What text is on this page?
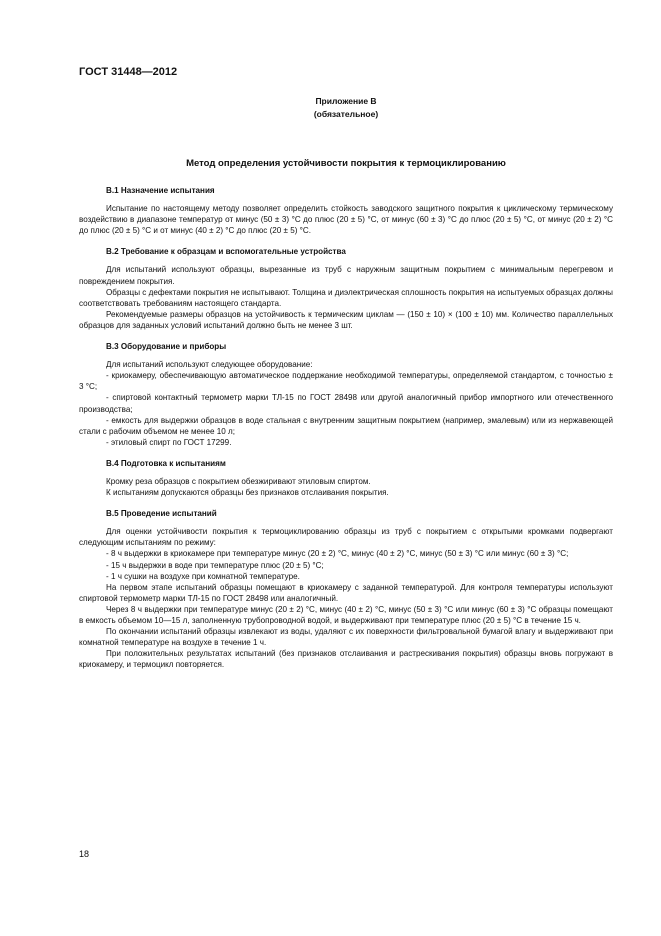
ГОСТ 31448—2012
Приложение В
(обязательное)
Метод определения устойчивости покрытия к термоциклированию
В.1 Назначение испытания

Испытание по настоящему методу позволяет определить стойкость заводского защитного покрытия к циклическому термическому воздействию в диапазоне температур от минус (50 ± 3) °С до плюс (20 ± 5) °С, от минус (60 ± 3) °С до плюс (20 ± 5) °С, от минус (20 ± 2) °С до плюс (20 ± 5) °С и от минус (40 ± 2) °С до плюс (20 ± 5) °С.

В.2 Требование к образцам и вспомогательные устройства

Для испытаний используют образцы, вырезанные из труб с наружным защитным покрытием с минимальным перегревом и повреждением покрытия.

Образцы с дефектами покрытия не испытывают. Толщина и диэлектрическая сплошность покрытия на испытуемых образцах должны соответствовать требованиям настоящего стандарта.

Рекомендуемые размеры образцов на устойчивость к термическим циклам — (150 ± 10) × (100 ± 10) мм. Количество параллельных образцов для заданных условий испытаний должно быть не менее 3 шт.

В.3 Оборудование и приборы

Для испытаний используют следующее оборудование:

- криокамеру, обеспечивающую автоматическое поддержание необходимой температуры, определяемой стандартом, с точностью ± 3 °С;

- спиртовой контактный термометр марки ТЛ-15 по ГОСТ 28498 или другой аналогичный прибор импортного или отечественного производства;

- емкость для выдержки образцов в воде стальная с внутренним защитным покрытием (например, эмалевым) или из нержавеющей стали с рабочим объемом не менее 10 л;

- этиловый спирт по ГОСТ 17299.

В.4 Подготовка к испытаниям

Кромку реза образцов с покрытием обезжиривают этиловым спиртом.

К испытаниям допускаются образцы без признаков отслаивания покрытия.

В.5 Проведение испытаний

Для оценки устойчивости покрытия к термоциклированию образцы из труб с покрытием с открытыми кромками подвергают следующим испытаниям по режиму:

- 8 ч выдержки в криокамере при температуре минус (20 ± 2) °С, минус (40 ± 2) °С, минус (50 ± 3) °С или минус (60 ± 3) °С;

- 15 ч выдержки в воде при температуре плюс (20 ± 5) °С;

- 1 ч сушки на воздухе при комнатной температуре.

На первом этапе испытаний образцы помещают в криокамеру с заданной температурой. Для контроля температуры используют спиртовой термометр марки ТЛ-15 по ГОСТ 28498 или аналогичный.

Через 8 ч выдержки при температуре минус (20 ± 2) °С, минус (40 ± 2) °С, минус (50 ± 3) °С или минус (60 ± 3) °С образцы помещают в емкость объемом 10—15 л, заполненную трубопроводной водой, и выдерживают при температуре плюс (20 ± 5) °С в течение 15 ч.

По окончании испытаний образцы извлекают из воды, удаляют с их поверхности фильтровальной бумагой влагу и выдерживают при комнатной температуре на воздухе в течение 1 ч.

При положительных результатах испытаний (без признаков отслаивания и растрескивания покрытия) образцы вновь погружают в криокамеру, и термоцикл повторяется.

18
